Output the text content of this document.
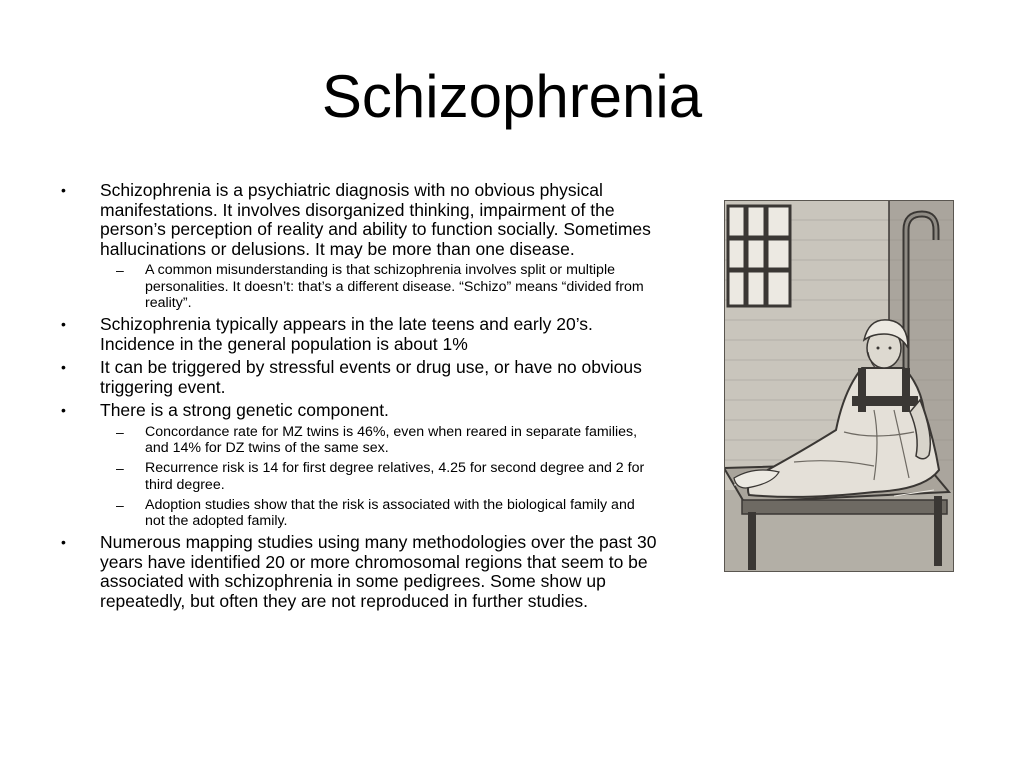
Schizophrenia
• Schizophrenia is a psychiatric diagnosis with no obvious physical manifestations. It involves disorganized thinking, impairment of the person’s perception of reality and ability to function socially. Sometimes hallucinations or delusions. It may be more than one disease.
– A common misunderstanding is that schizophrenia involves split or multiple personalities. It doesn’t: that’s a different disease. “Schizo” means “divided from reality”.
• Schizophrenia typically appears in the late teens and early 20’s. Incidence in the general population is about 1%
• It can be triggered by stressful events or drug use, or have no obvious triggering event.
• There is a strong genetic component.
– Concordance rate for MZ twins is 46%, even when reared in separate families, and 14% for DZ twins of the same sex.
– Recurrence risk is 14 for first degree relatives, 4.25 for second degree and 2 for third degree.
– Adoption studies show that the risk is associated with the biological family and not the adopted family.
• Numerous mapping studies using many methodologies over the past 30 years have identified 20 or more chromosomal regions that seem to be associated with schizophrenia in some pedigrees. Some show up repeatedly, but often they are not reproduced in further studies.
